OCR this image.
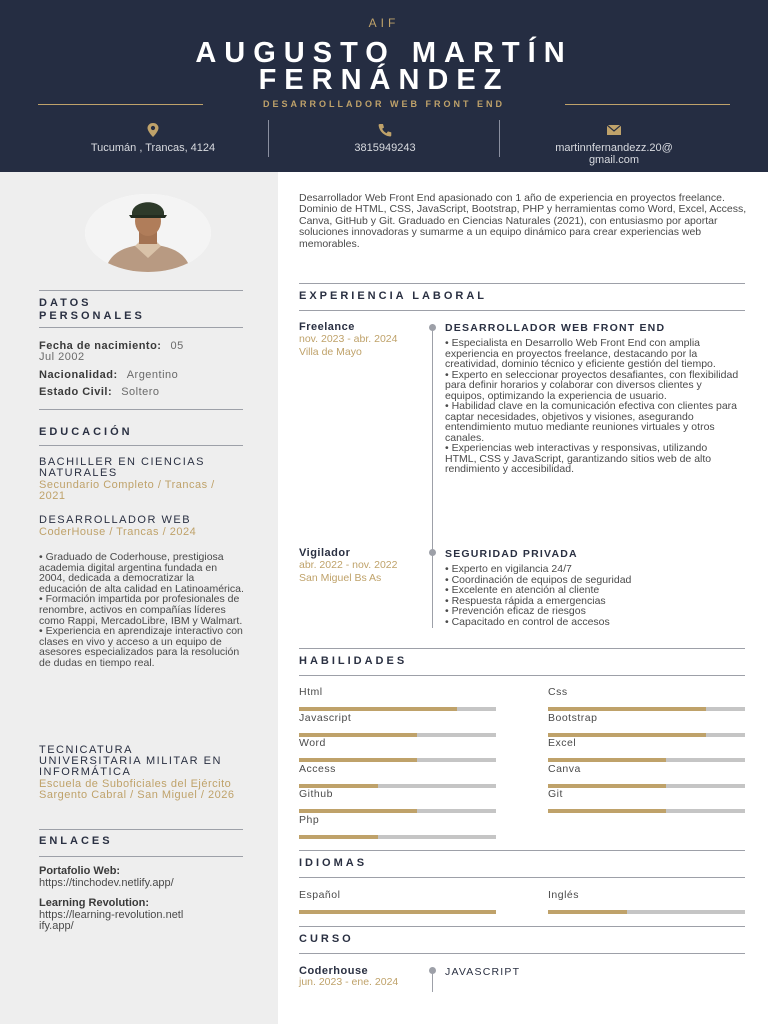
AIF
AUGUSTO MARTÍN
FERNÁNDEZ
DESARROLLADOR WEB FRONT END
Tucumán , Trancas, 4124	3815949243	martinnfernandezz.20@
gmail.com
DATOS PERSONALES
Fecha de nacimiento: 05
Jul 2002
Nacionalidad: Argentino
Estado Civil: Soltero
EDUCACIÓN
BACHILLER EN CIENCIAS NATURALES
Secundario Completo / Trancas / 2021
DESARROLLADOR WEB
CoderHouse / Trancas / 2024
• Graduado de Coderhouse, prestigiosa academia digital argentina fundada en 2004, dedicada a democratizar la educación de alta calidad en Latinoamérica.
• Formación impartida por profesionales de renombre, activos en compañías líderes como Rappi, MercadoLibre, IBM y Walmart.
• Experiencia en aprendizaje interactivo con clases en vivo y acceso a un equipo de asesores especializados para la resolución de dudas en tiempo real.
TECNICATURA UNIVERSITARIA MILITAR EN INFORMÁTICA
Escuela de Suboficiales del Ejército Sargento Cabral / San Miguel / 2026
ENLACES
Portafolio Web:
https://tinchodev.netlify.app/
Learning Revolution:
https://learning-revolution.netl
ify.app/
Desarrollador Web Front End apasionado con 1 año de experiencia en proyectos freelance. Dominio de HTML, CSS, JavaScript, Bootstrap, PHP y herramientas como Word, Excel, Access, Canva, GitHub y Git. Graduado en Ciencias Naturales (2021), con entusiasmo por aportar soluciones innovadoras y sumarme a un equipo dinámico para crear experiencias web memorables.
EXPERIENCIA LABORAL
Freelance
nov. 2023 - abr. 2024
Villa de Mayo
DESARROLLADOR WEB FRONT END
• Especialista en Desarrollo Web Front End con amplia experiencia en proyectos freelance, destacando por la creatividad, dominio técnico y eficiente gestión del tiempo.
• Experto en seleccionar proyectos desafiantes, con flexibilidad para definir horarios y colaborar con diversos clientes y equipos, optimizando la experiencia de usuario.
• Habilidad clave en la comunicación efectiva con clientes para captar necesidades, objetivos y visiones, asegurando entendimiento mutuo mediante reuniones virtuales y otros canales.
• Experiencias web interactivas y responsivas, utilizando HTML, CSS y JavaScript, garantizando sitios web de alto rendimiento y accesibilidad.
Vigilador
abr. 2022 - nov. 2022
San Miguel Bs As
SEGURIDAD PRIVADA
• Experto en vigilancia 24/7
• Coordinación de equipos de seguridad
• Excelente en atención al cliente
• Respuesta rápida a emergencias
• Prevención eficaz de riesgos
• Capacitado en control de accesos
HABILIDADES
Html	Css
Javascript	Bootstrap
Word	Excel
Access	Canva
Github	Git
Php
IDIOMAS
Español	Inglés
CURSO
Coderhouse
jun. 2023 - ene. 2024
JAVASCRIPT
